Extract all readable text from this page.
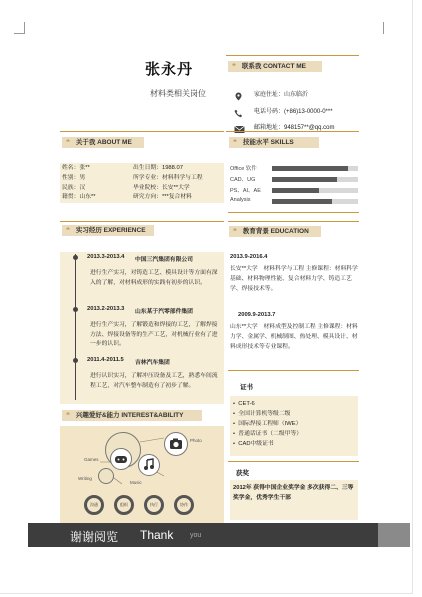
张永丹
材料类相关岗位
❝ 联系我 CONTACT ME
家庭住址：山东临沂
电话号码：(+86)13-0000-0***
邮箱地址：948157**@qq.com
❝ 关于我 ABOUT ME
姓名：张**	出生日期：1988.07
性别：男	所学专业：材料科学与工程
民族：汉	毕业院校：长安**大学
籍贯：山东**	研究方向：***复合材料
❝ 技能水平 SKILLS
Office 软件
CAD、UG
PS、AI、AE
Analysis
❝ 实习经历 EXPERIENCE
2013.3-2013.4 中国三汽集团有限公司
进行生产实习，对铸造工艺、模具设计等方面有深入的了解，对材料成形的实践有初步的认识。
2013.2-2013.3 山东某于汽零部件集团
进行生产实习，了解锻造和焊接的工艺，了解焊接方法、焊接设备等的生产工艺，对机械行业有了进一步的认识。
2011.4-2011.5 吉林汽车集团
进行认识实习，了解冲压设备及工艺，熟悉车间流程工艺，对汽车整车制造有了初步了解。
❝ 教育背景 EDUCATION
2013.9-2016.4
长安**大学　材料科学与工程 主修课程：材料科学基础、材料物理性能、复合材料力学、铸造工艺学、焊接技术等。
2009.9-2013.7
山东**大学　材料成型及控制工程 主修课程：材料力学、金属学、机械制图、热处理、模具设计、材料成形技术等专业课程。
证书
•  CET-6
•  全国计算机等级二级
•  国际焊接工程师（IWE）
•  普通话证书（二级甲等）
•  CAD中级证书
获奖
2012年 获得中国企业奖学金 多次获得二、三等奖学金，优秀学生干部
❝ 兴趣爱好&能力 INTEREST&ABILITY
Games
Writing
Music
Photo
沟通	组织	执行	协作
谢谢阅览 Thank you
